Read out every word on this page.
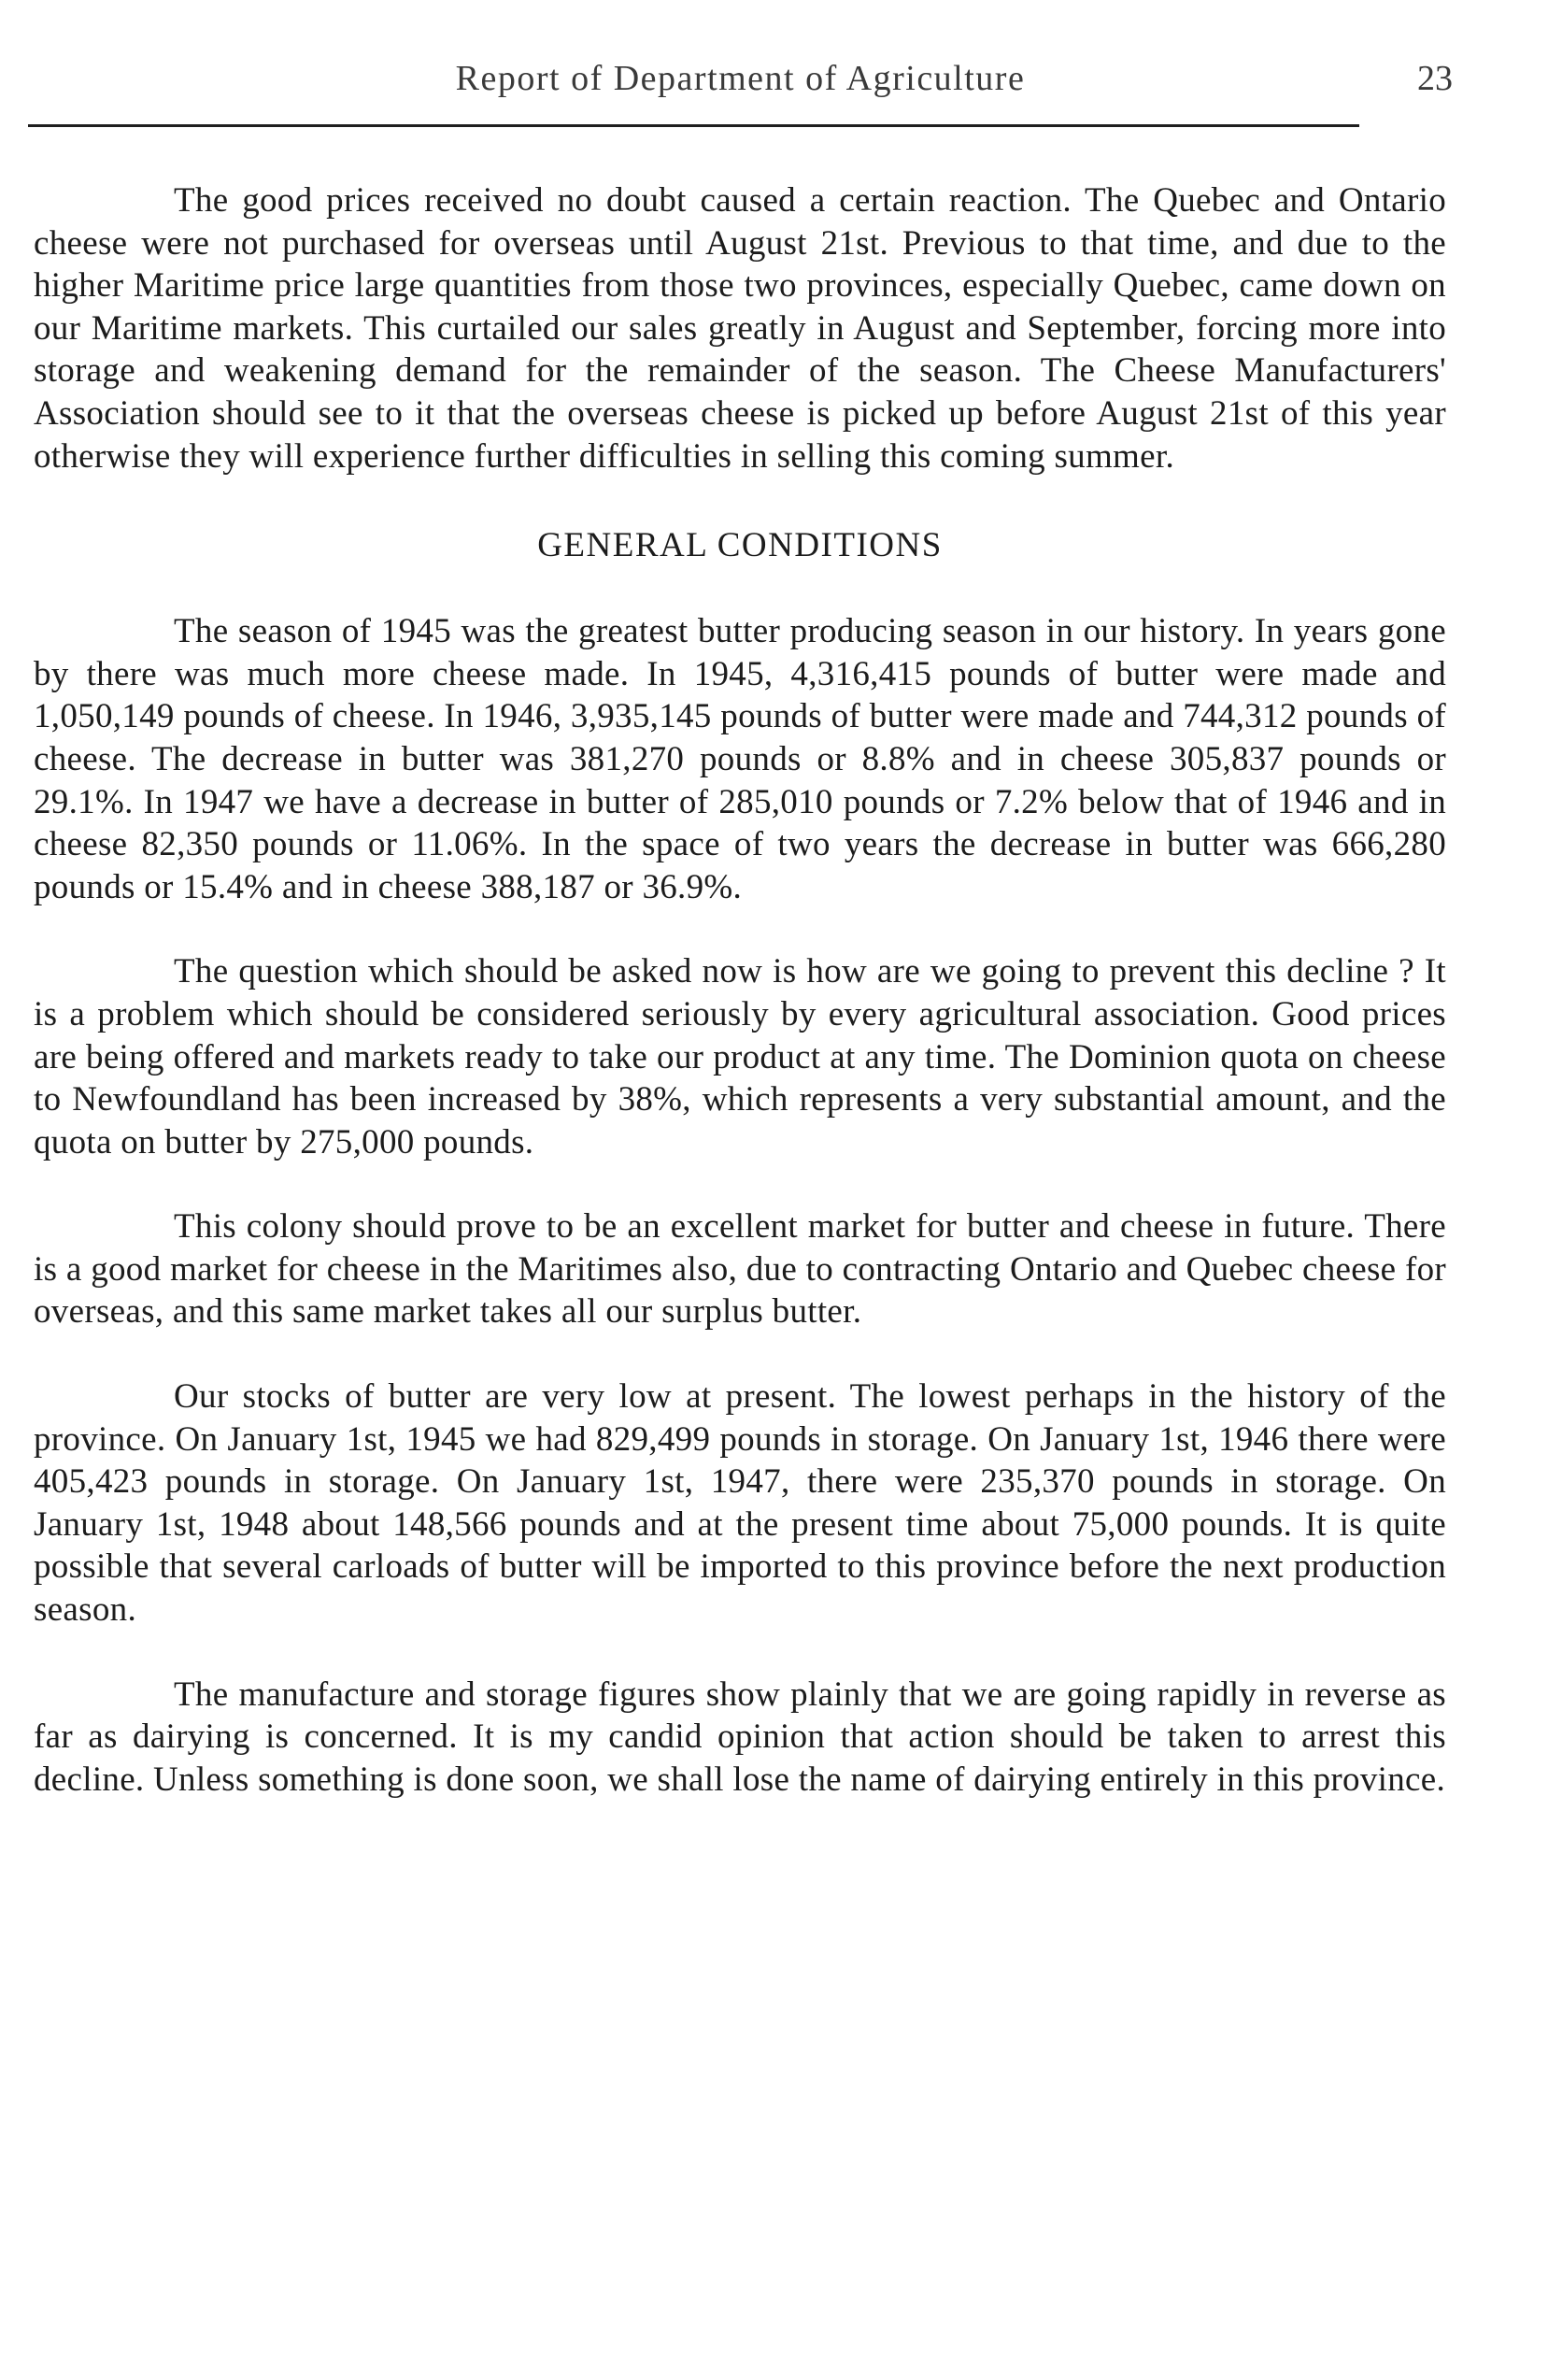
Report of Department of Agriculture	23

The good prices received no doubt caused a certain reaction. The Quebec and Ontario cheese were not purchased for overseas until August 21st. Previous to that time, and due to the higher Maritime price large quantities from those two provinces, especially Quebec, came down on our Maritime markets. This curtailed our sales greatly in August and September, forcing more into storage and weakening demand for the remainder of the season. The Cheese Manufacturers' Association should see to it that the overseas cheese is picked up before August 21st of this year otherwise they will experience further difficulties in selling this coming summer.

GENERAL CONDITIONS

The season of 1945 was the greatest butter producing season in our history. In years gone by there was much more cheese made. In 1945, 4,316,415 pounds of butter were made and 1,050,149 pounds of cheese. In 1946, 3,935,145 pounds of butter were made and 744,312 pounds of cheese. The decrease in butter was 381,270 pounds or 8.8% and in cheese 305,837 pounds or 29.1%. In 1947 we have a decrease in butter of 285,010 pounds or 7.2% below that of 1946 and in cheese 82,350 pounds or 11.06%. In the space of two years the decrease in butter was 666,280 pounds or 15.4% and in cheese 388,187 or 36.9%.

The question which should be asked now is how are we going to prevent this decline ? It is a problem which should be considered seriously by every agricultural association. Good prices are being offered and markets ready to take our product at any time. The Dominion quota on cheese to Newfoundland has been increased by 38%, which represents a very substantial amount, and the quota on butter by 275,000 pounds.

This colony should prove to be an excellent market for butter and cheese in future. There is a good market for cheese in the Maritimes also, due to contracting Ontario and Quebec cheese for overseas, and this same market takes all our surplus butter.

Our stocks of butter are very low at present. The lowest perhaps in the history of the province. On January 1st, 1945 we had 829,499 pounds in storage. On January 1st, 1946 there were 405,423 pounds in storage. On January 1st, 1947, there were 235,370 pounds in storage. On January 1st, 1948 about 148,566 pounds and at the present time about 75,000 pounds. It is quite possible that several carloads of butter will be imported to this province before the next production season.

The manufacture and storage figures show plainly that we are going rapidly in reverse as far as dairying is concerned. It is my candid opinion that action should be taken to arrest this decline. Unless something is done soon, we shall lose the name of dairying entirely in this province.
